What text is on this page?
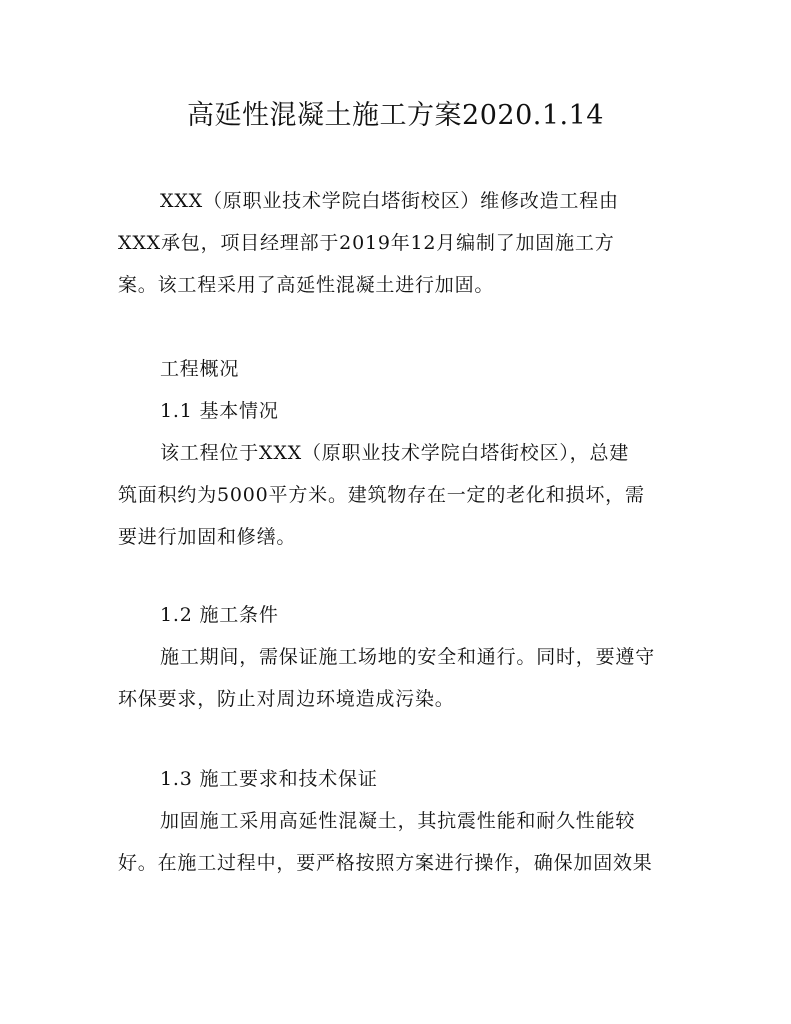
高延性混凝土施工方案2020.1.14
XXX（原职业技术学院白塔街校区）维修改造工程由
XXX承包，项目经理部于2019年12月编制了加固施工方
案。该工程采用了高延性混凝土进行加固。
工程概况
1.1 基本情况
该工程位于XXX（原职业技术学院白塔街校区），总建
筑面积约为5000平方米。建筑物存在一定的老化和损坏，需
要进行加固和修缮。
1.2 施工条件
施工期间，需保证施工场地的安全和通行。同时，要遵守
环保要求，防止对周边环境造成污染。
1.3 施工要求和技术保证
加固施工采用高延性混凝土，其抗震性能和耐久性能较
好。在施工过程中，要严格按照方案进行操作，确保加固效果
